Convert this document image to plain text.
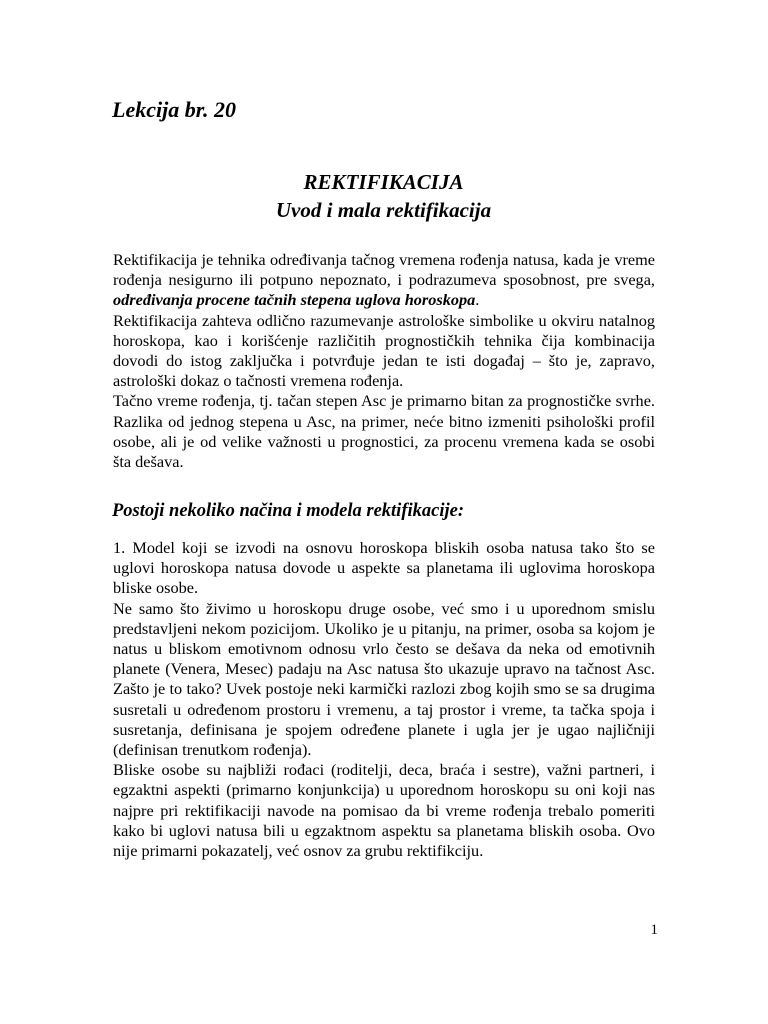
Lekcija br. 20
REKTIFIKACIJA
Uvod i mala rektifikacija

Rektifikacija je tehnika određivanja tačnog vremena rođenja natusa, kada je vreme rođenja nesigurno ili potpuno nepoznato, i podrazumeva sposobnost, pre svega, određivanja procene tačnih stepena uglova horoskopa.

Rektifikacija zahteva odlično razumevanje astrološke simbolike u okviru natalnog horoskopa, kao i korišćenje različitih prognostičkih tehnika čija kombinacija dovodi do istog zaključka i potvrđuje jedan te isti događaj – što je, zapravo, astrološki dokaz o tačnosti vremena rođenja.

Tačno vreme rođenja, tj. tačan stepen Asc je primarno bitan za prognostičke svrhe. Razlika od jednog stepena u Asc, na primer, neće bitno izmeniti psihološki profil osobe, ali je od velike važnosti u prognostici, za procenu vremena kada se osobi šta dešava.

Postoji nekoliko načina i modela rektifikacije:

1. Model koji se izvodi na osnovu horoskopa bliskih osoba natusa tako što se uglovi horoskopa natusa dovode u aspekte sa planetama ili uglovima horoskopa bliske osobe.

Ne samo što živimo u horoskopu druge osobe, već smo i u uporednom smislu predstavljeni nekom pozicijom. Ukoliko je u pitanju, na primer, osoba sa kojom je natus u bliskom emotivnom odnosu vrlo često se dešava da neka od emotivnih planete (Venera, Mesec) padaju na Asc natusa što ukazuje upravo na tačnost Asc. Zašto je to tako? Uvek postoje neki karmički razlozi zbog kojih smo se sa drugima susretali u određenom prostoru i vremenu, a taj prostor i vreme, ta tačka spoja i susretanja, definisana je spojem određene planete i ugla jer je ugao najličniji (definisan trenutkom rođenja).

Bliske osobe su najbliži rođaci (roditelji, deca, braća i sestre), važni partneri, i egzaktni aspekti (primarno konjunkcija) u uporednom horoskopu su oni koji nas najpre pri rektifikaciji navode na pomisao da bi vreme rođenja trebalo pomeriti kako bi uglovi natusa bili u egzaktnom aspektu sa planetama bliskih osoba. Ovo nije primarni pokazatelj, već osnov za grubu rektifikciju.

1
